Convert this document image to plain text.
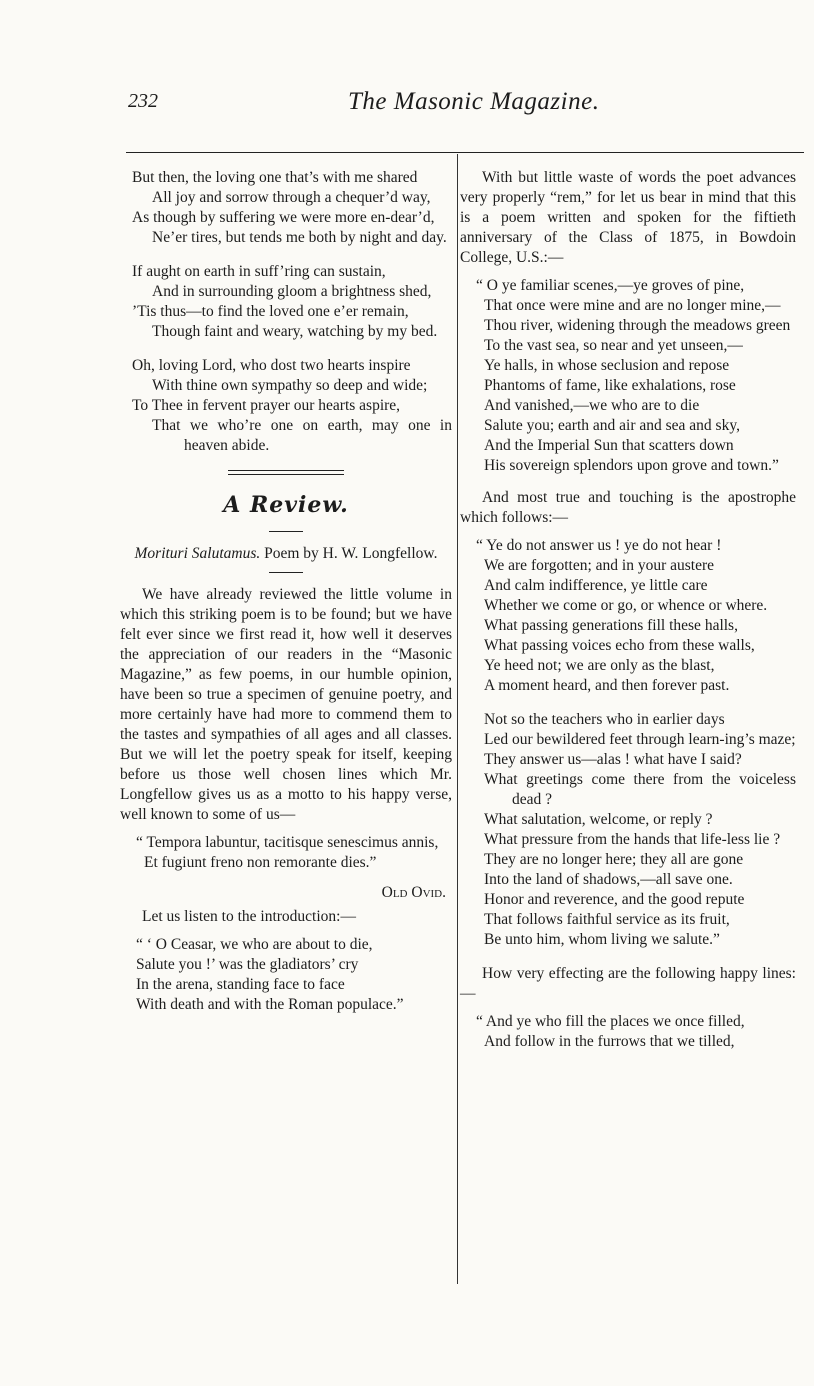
232	The Masonic Magazine.
But then, the loving one that’s with me shared
All joy and sorrow through a chequer’d way,
As though by suffering we were more en-dear’d,
Ne’er tires, but tends me both by night and day.
If aught on earth in suff’ring can sustain,
And in surrounding gloom a brightness shed,
’Tis thus—to find the loved one e’er remain,
Though faint and weary, watching by my bed.
Oh, loving Lord, who dost two hearts inspire
With thine own sympathy so deep and wide;
To Thee in fervent prayer our hearts aspire,
That we who’re one on earth, may one in heaven abide.
A Review.
Morituri Salutamus. Poem by H. W. Longfellow.

We have already reviewed the little volume in which this striking poem is to be found; but we have felt ever since we first read it, how well it deserves the appreciation of our readers in the “Masonic Magazine,” as few poems, in our humble opinion, have been so true a specimen of genuine poetry, and more certainly have had more to commend them to the tastes and sympathies of all ages and all classes. But we will let the poetry speak for itself, keeping before us those well chosen lines which Mr. Longfellow gives us as a motto to his happy verse, well known to some of us—

“ Tempora labuntur, tacitisque senescimus annis,
Et fugiunt freno non remorante dies.”
Old Ovid.

Let us listen to the introduction:—

“ ‘ O Ceasar, we who are about to die,
Salute you !’ was the gladiators’ cry
In the arena, standing face to face
With death and with the Roman populace.”

With but little waste of words the poet advances very properly “rem,” for let us bear in mind that this is a poem written and spoken for the fiftieth anniversary of the Class of 1875, in Bowdoin College, U.S.:—

“ O ye familiar scenes,—ye groves of pine,
That once were mine and are no longer mine,—
Thou river, widening through the meadows green
To the vast sea, so near and yet unseen,—
Ye halls, in whose seclusion and repose
Phantoms of fame, like exhalations, rose
And vanished,—we who are to die
Salute you; earth and air and sea and sky,
And the Imperial Sun that scatters down
His sovereign splendors upon grove and town.”

And most true and touching is the apostrophe which follows:—

“ Ye do not answer us ! ye do not hear !
We are forgotten; and in your austere
And calm indifference, ye little care
Whether we come or go, or whence or where.
What passing generations fill these halls,
What passing voices echo from these walls,
Ye heed not; we are only as the blast,
A moment heard, and then forever past.
Not so the teachers who in earlier days
Led our bewildered feet through learn-ing’s maze;
They answer us—alas ! what have I said?
What greetings come there from the voiceless dead ?
What salutation, welcome, or reply ?
What pressure from the hands that life-less lie ?
They are no longer here; they all are gone
Into the land of shadows,—all save one.
Honor and reverence, and the good repute
That follows faithful service as its fruit,
Be unto him, whom living we salute.”

How very effecting are the following happy lines:—

“ And ye who fill the places we once filled,
And follow in the furrows that we tilled,
